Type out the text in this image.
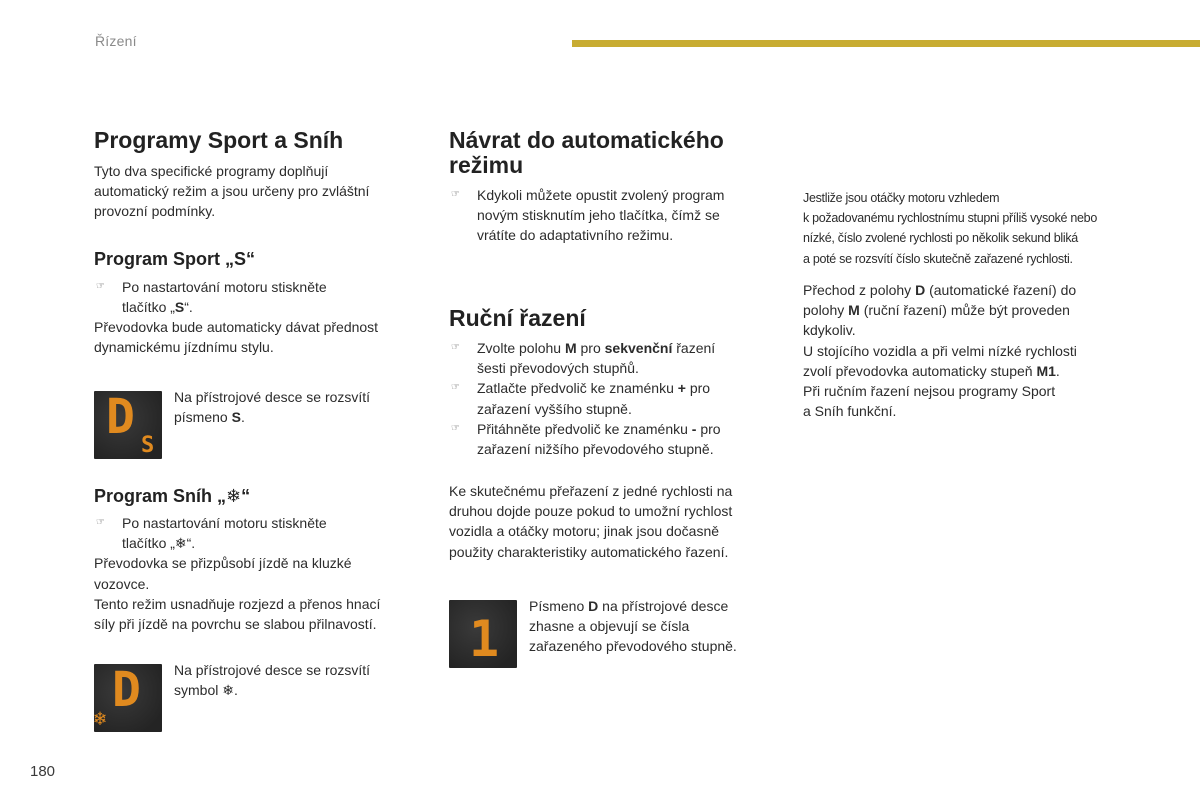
Řízení
Programy Sport a Sníh

Tyto dva specifické programy doplňují

automatický režim a jsou určeny pro zvláštní

provozní podmínky.

Program Sport „S“
☞ Po nastartování motoru stiskněte
tlačítko „S“.

Převodovka bude automaticky dávat přednost

dynamickému jízdnímu stylu.

D
S

Na přístrojové desce se rozsvítí

písmeno S.

Program Sníh „❄“
☞ Po nastartování motoru stiskněte
tlačítko „❄“.

Převodovka se přizpůsobí jízdě na kluzké

vozovce.

Tento režim usnadňuje rozjezd a přenos hnací

síly při jízdě na povrchu se slabou přilnavostí.

D
❄

Na přístrojové desce se rozsvítí

symbol ❄.

Návrat do automatického
režimu
☞ Kdykoli můžete opustit zvolený program
novým stisknutím jeho tlačítka, čímž se
vrátíte do adaptativního režimu.
Ruční řazení
☞ Zvolte polohu M pro sekvenční řazení
šesti převodových stupňů.
☞ Zatlačte předvolič ke znaménku + pro
zařazení vyššího stupně.
☞ Přitáhněte předvolič ke znaménku - pro
zařazení nižšího převodového stupně.

Ke skutečnému přeřazení z jedné rychlosti na

druhou dojde pouze pokud to umožní rychlost

vozidla a otáčky motoru; jinak jsou dočasně

použity charakteristiky automatického řazení.

1

Písmeno D na přístrojové desce

zhasne a objevují se čísla

zařazeného převodového stupně.

Jestliže jsou otáčky motoru vzhledem

k požadovanému rychlostnímu stupni příliš vysoké nebo

nízké, číslo zvolené rychlosti po několik sekund bliká

a poté se rozsvítí číslo skutečně zařazené rychlosti.

Přechod z polohy D (automatické řazení) do

polohy M (ruční řazení) může být proveden

kdykoliv.

U stojícího vozidla a při velmi nízké rychlosti

zvolí převodovka automaticky stupeň M1.

Při ručním řazení nejsou programy Sport

a Sníh funkční.

180
